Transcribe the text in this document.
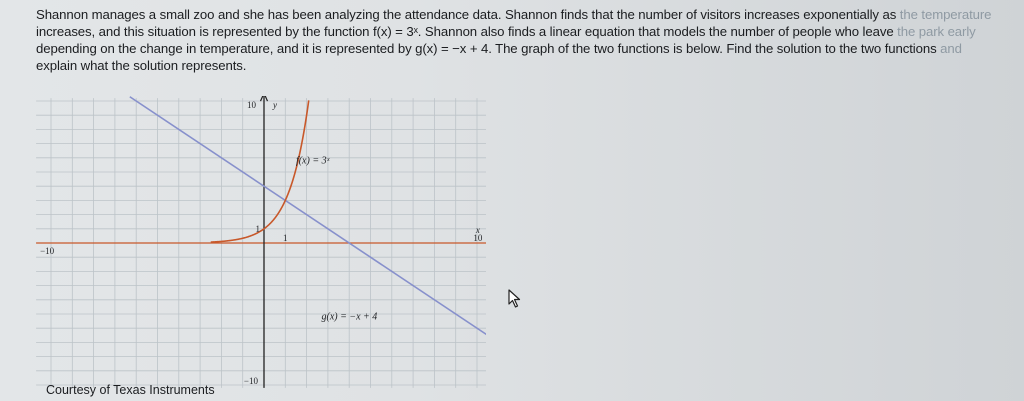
Shannon manages a small zoo and she has been analyzing the attendance data. Shannon finds that the number of visitors increases exponentially as the temperature
increases, and this situation is represented by the function f(x) = 3ˣ. Shannon also finds a linear equation that models the number of people who leave the park early
depending on the change in temperature, and it is represented by g(x) = −x + 4. The graph of the two functions is below. Find the solution to the two functions and
explain what the solution represents.
10 y
x
−10
10
1
1
−10
f(x) = 3ˣ
g(x) = −x + 4
Courtesy of Texas Instruments
